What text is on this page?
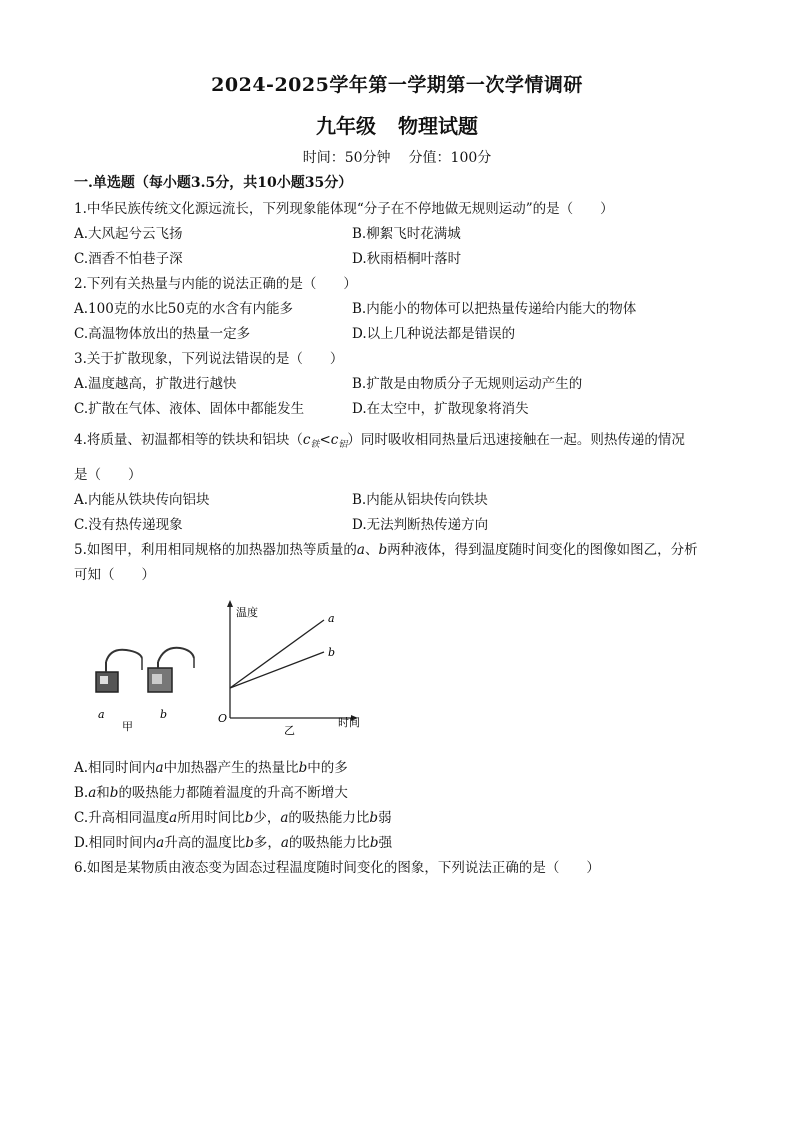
2024-2025学年第一学期第一次学情调研
九年级 物理试题
时间：50分钟 分值：100分
一.单选题（每小题3.5分，共10小题35分）
1.中华民族传统文化源远流长，下列现象能体现“分子在不停地做无规则运动”的是（　　）
A.大风起兮云飞扬	B.柳絮飞时花满城
C.酒香不怕巷子深	D.秋雨梧桐叶落时
2.下列有关热量与内能的说法正确的是（　　）
A.100克的水比50克的水含有内能多	B.内能小的物体可以把热量传递给内能大的物体
C.高温物体放出的热量一定多	D.以上几种说法都是错误的
3.关于扩散现象，下列说法错误的是（　　）
A.温度越高，扩散进行越快	B.扩散是由物质分子无规则运动产生的
C.扩散在气体、液体、固体中都能发生	D.在太空中，扩散现象将消失
4.将质量、初温都相等的铁块和铝块$(c_铁<c_铝)$同时吸收相同热量后迅速接触在一起。则热传递的情况
是（　　）
A.内能从铁块传向铝块	B.内能从铝块传向铁块
C.没有热传递现象	D.无法判断热传递方向
5.如图甲，利用相同规格的加热器加热等质量的a、b两种液体，得到温度随时间变化的图像如图乙，分析
可知（　　）
a	b
甲
温度
时间
O
a
b
乙
A.相同时间内a中加热器产生的热量比b中的多
B.a和b的吸热能力都随着温度的升高不断增大
C.升高相同温度a所用时间比b少，a的吸热能力比b弱
D.相同时间内a升高的温度比b多，a的吸热能力比b强
6.如图是某物质由液态变为固态过程温度随时间变化的图象，下列说法正确的是（　　）
